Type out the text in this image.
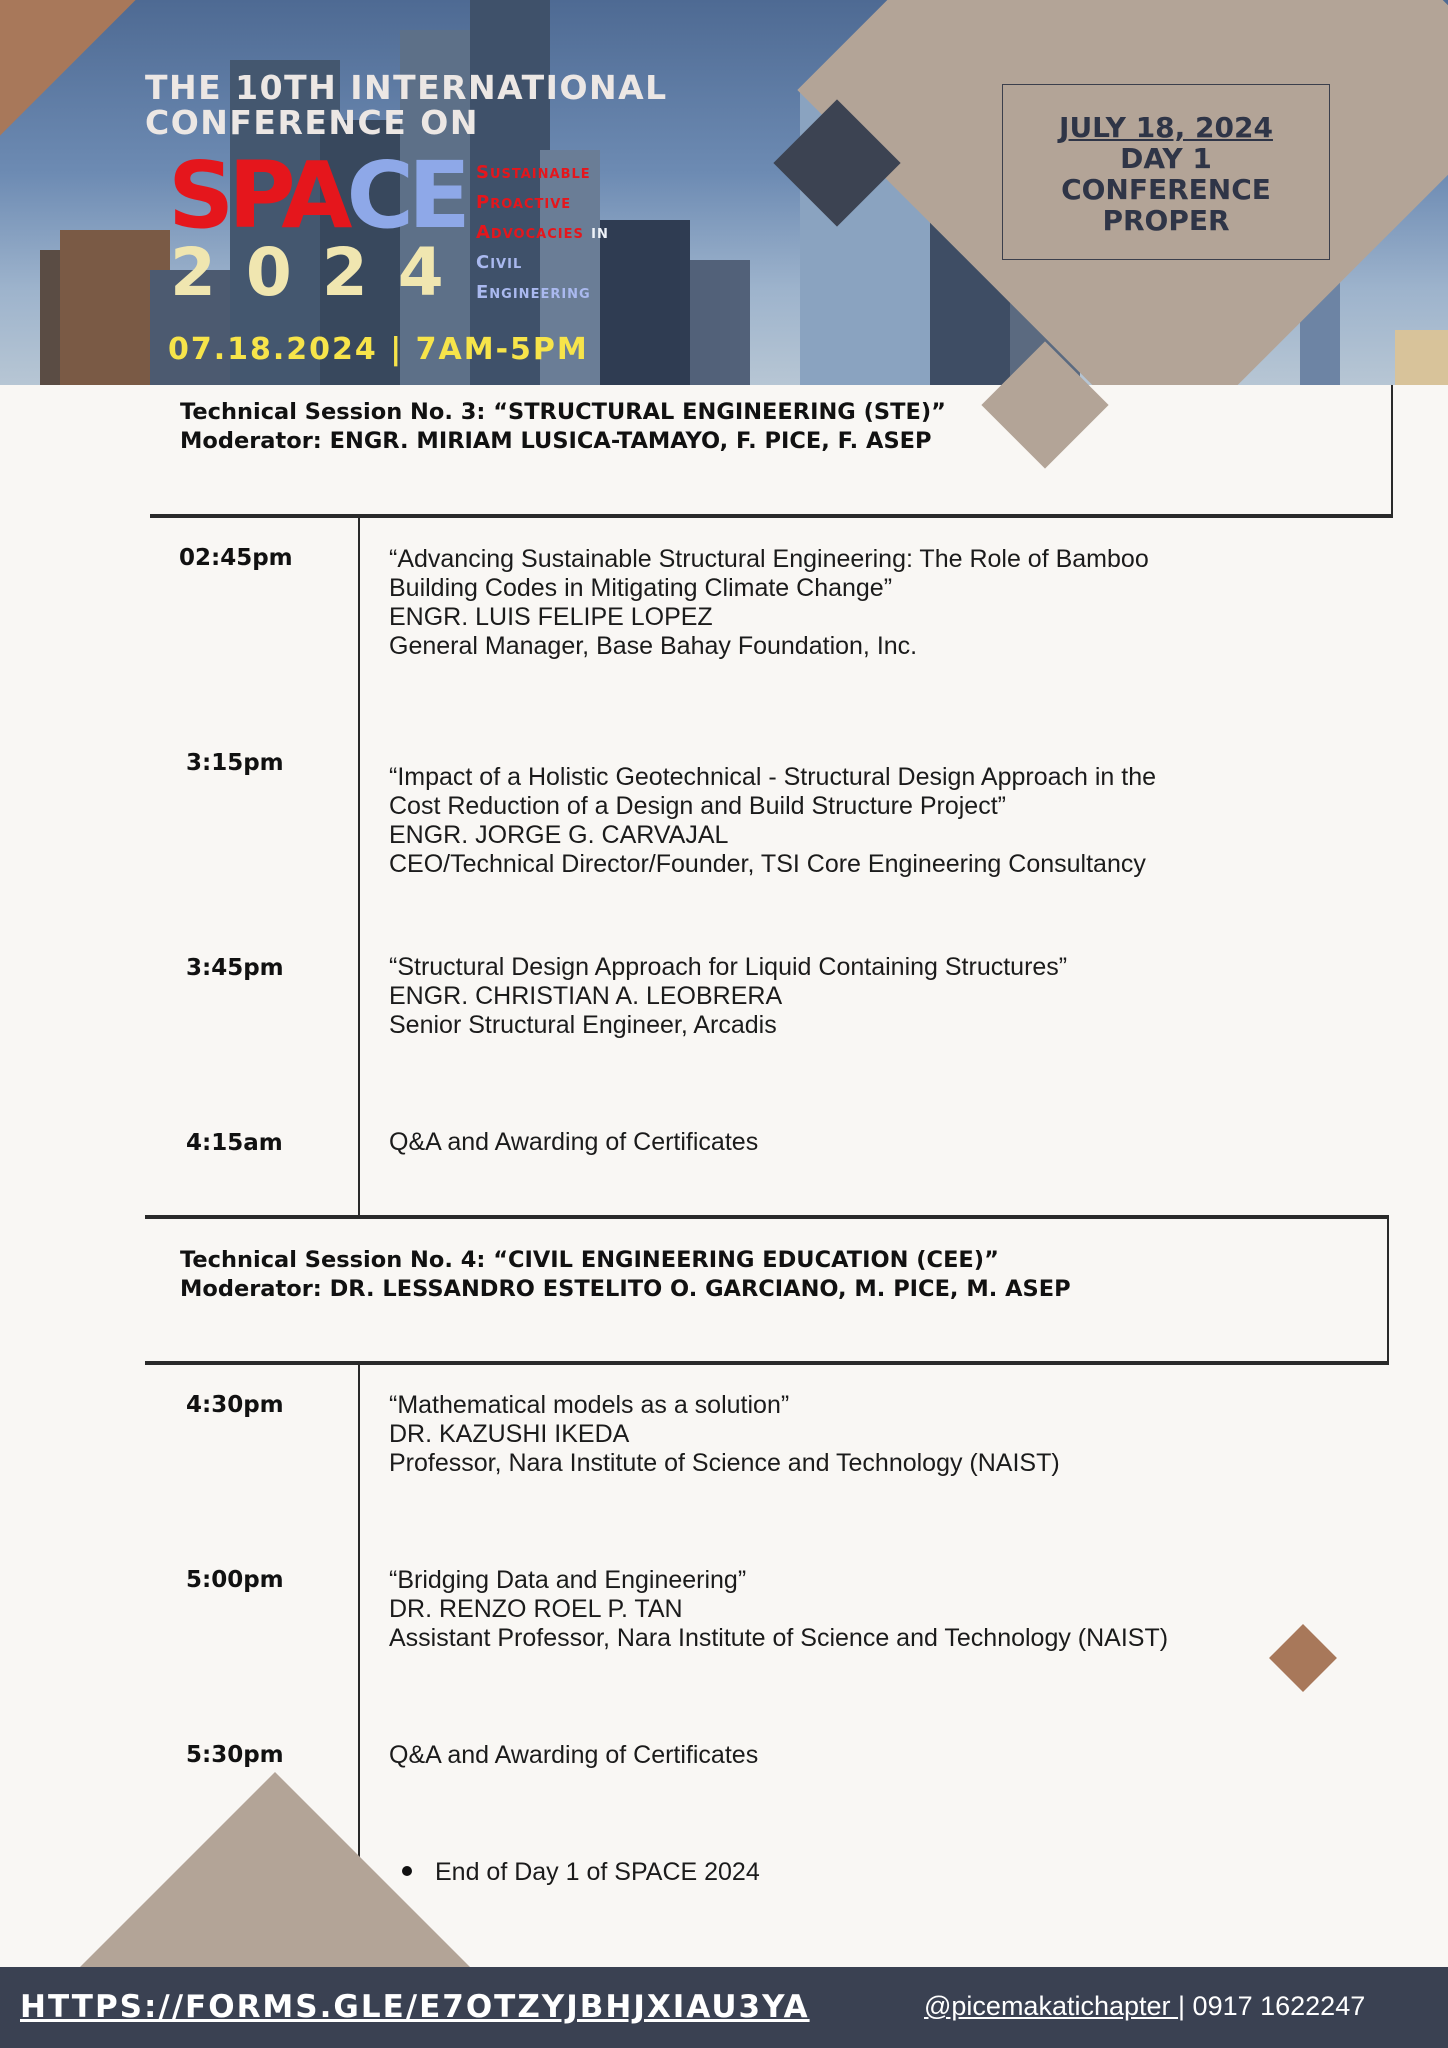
THE 10TH INTERNATIONAL
CONFERENCE ON
SPACE
2024
Sustainable
Proactive
Advocacies in
Civil
Engineering
07.18.2024 | 7AM-5PM
JULY 18, 2024
DAY 1
CONFERENCE
PROPER
Technical Session No. 3: “STRUCTURAL ENGINEERING (STE)”
Moderator: ENGR. MIRIAM LUSICA-TAMAYO, F. PICE, F. ASEP
02:45pm	“Advancing Sustainable Structural Engineering: The Role of Bamboo
Building Codes in Mitigating Climate Change”
ENGR. LUIS FELIPE LOPEZ
General Manager, Base Bahay Foundation, Inc.
3:15pm	“Impact of a Holistic Geotechnical - Structural Design Approach in the
Cost Reduction of a Design and Build Structure Project”
ENGR. JORGE G. CARVAJAL
CEO/Technical Director/Founder, TSI Core Engineering Consultancy
3:45pm	“Structural Design Approach for Liquid Containing Structures”
ENGR. CHRISTIAN A. LEOBRERA
Senior Structural Engineer, Arcadis
4:15am	Q&A and Awarding of Certificates
Technical Session No. 4: “CIVIL ENGINEERING EDUCATION (CEE)”
Moderator: DR. LESSANDRO ESTELITO O. GARCIANO, M. PICE, M. ASEP
4:30pm	“Mathematical models as a solution”
DR. KAZUSHI IKEDA
Professor, Nara Institute of Science and Technology (NAIST)
5:00pm	“Bridging Data and Engineering”
DR. RENZO ROEL P. TAN
Assistant Professor, Nara Institute of Science and Technology (NAIST)
5:30pm	Q&A and Awarding of Certificates
End of Day 1 of SPACE 2024
HTTPS://FORMS.GLE/E7OTZYJBHJXIAU3YA	@picemakatichapter | 0917 1622247
